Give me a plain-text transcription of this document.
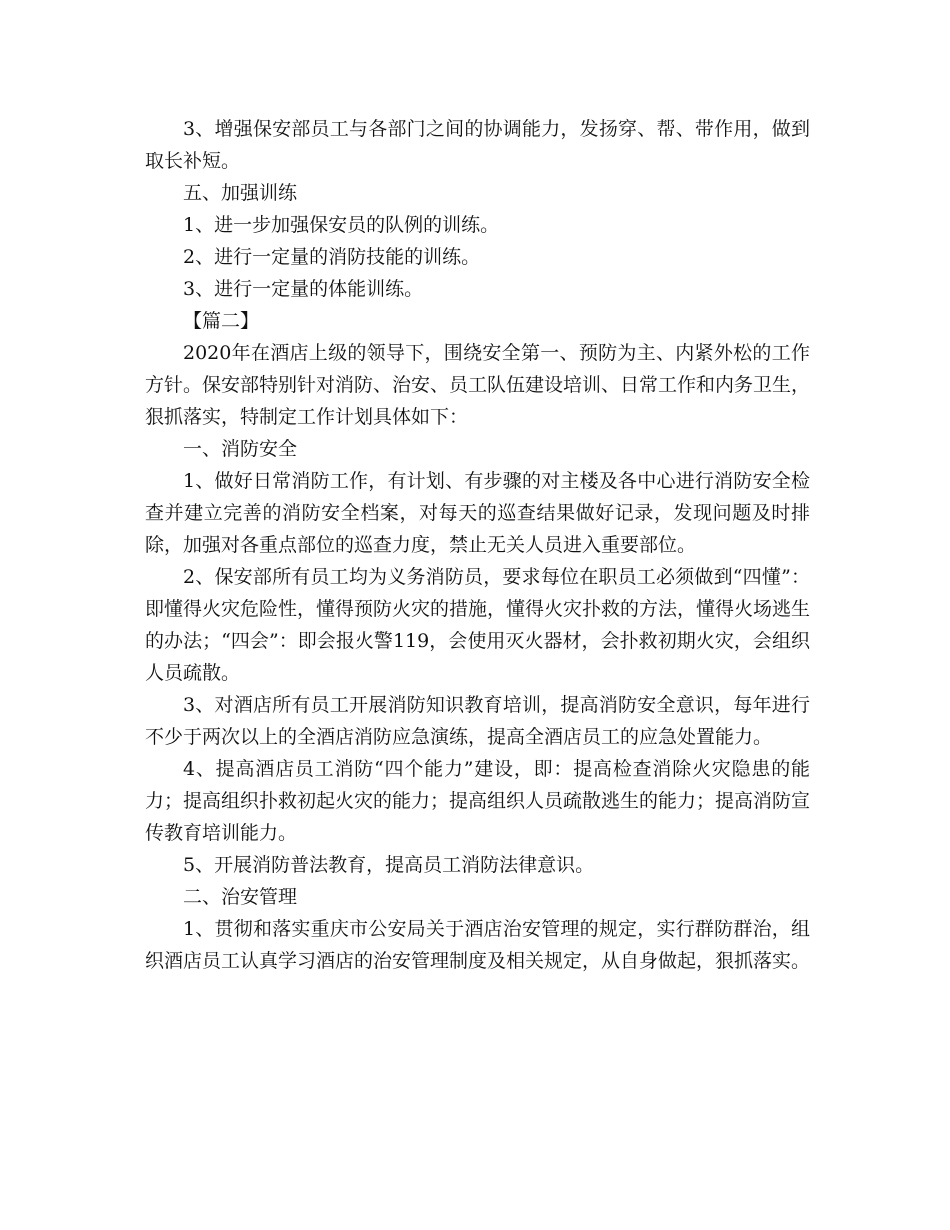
3、增强保安部员工与各部门之间的协调能力，发扬穿、帮、带作用，做到取长补短。

五、加强训练

1、进一步加强保安员的队例的训练。

2、进行一定量的消防技能的训练。

3、进行一定量的体能训练。

【篇二】

2020年在酒店上级的领导下，围绕安全第一、预防为主、内紧外松的工作方针。保安部特别针对消防、治安、员工队伍建设培训、日常工作和内务卫生，狠抓落实，特制定工作计划具体如下：

一、消防安全

1、做好日常消防工作，有计划、有步骤的对主楼及各中心进行消防安全检查并建立完善的消防安全档案，对每天的巡查结果做好记录，发现问题及时排除，加强对各重点部位的巡查力度，禁止无关人员进入重要部位。

2、保安部所有员工均为义务消防员，要求每位在职员工必须做到“四懂”：即懂得火灾危险性，懂得预防火灾的措施，懂得火灾扑救的方法，懂得火场逃生的办法；“四会”：即会报火警119，会使用灭火器材，会扑救初期火灾，会组织人员疏散。

3、对酒店所有员工开展消防知识教育培训，提高消防安全意识，每年进行不少于两次以上的全酒店消防应急演练，提高全酒店员工的应急处置能力。

4、提高酒店员工消防“四个能力”建设，即：提高检查消除火灾隐患的能力；提高组织扑救初起火灾的能力；提高组织人员疏散逃生的能力；提高消防宣传教育培训能力。

5、开展消防普法教育，提高员工消防法律意识。

二、治安管理

1、贯彻和落实重庆市公安局关于酒店治安管理的规定，实行群防群治，组织酒店员工认真学习酒店的治安管理制度及相关规定，从自身做起，狠抓落实。
